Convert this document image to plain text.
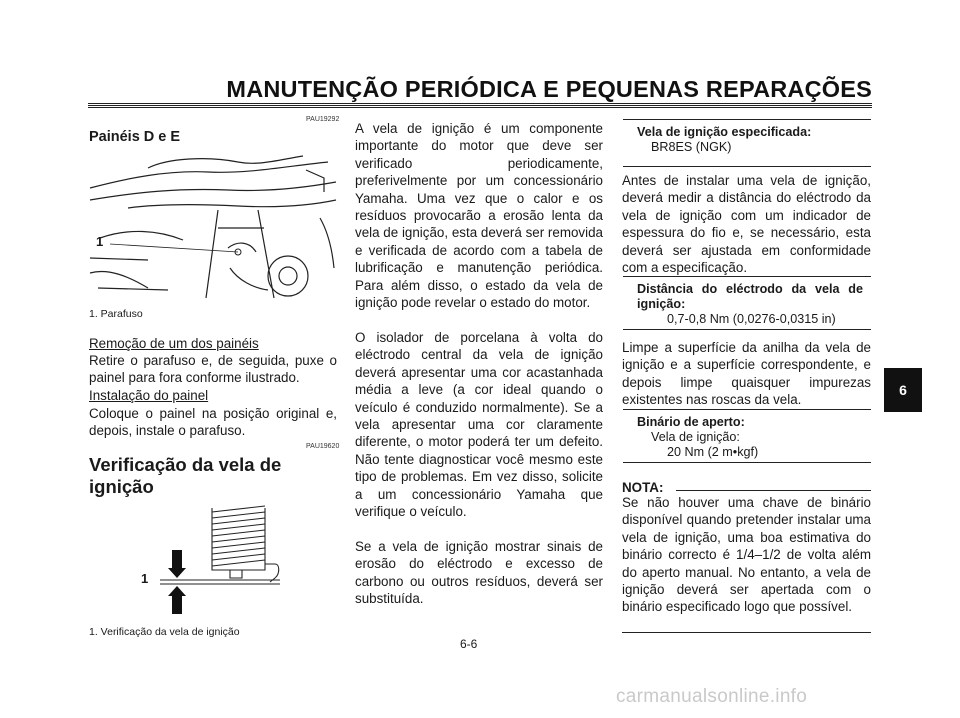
MANUTENÇÃO PERIÓDICA E PEQUENAS REPARAÇÕES
PAU19292
Painéis D e E
1
1. Parafuso
Remoção de um dos painéis
Retire o parafuso e, de seguida, puxe o painel para fora conforme ilustrado.
Instalação do painel
Coloque o painel na posição original e, depois, instale o parafuso.
PAU19620
Verificação da vela de
ignição
1
1. Verificação da vela de ignição
A vela de ignição é um componente importante do motor que deve ser verificado periodicamente, preferivelmente por um concessionário Yamaha. Uma vez que o calor e os resíduos provocarão a erosão lenta da vela de ignição, esta deverá ser removida e verificada de acordo com a tabela de lubrificação e manutenção periódica. Para além disso, o estado da vela de ignição pode revelar o estado do motor.
O isolador de porcelana à volta do eléctrodo central da vela de ignição deverá apresentar uma cor acastanhada média a leve (a cor ideal quando o veículo é conduzido normalmente). Se a vela apresentar uma cor claramente diferente, o motor poderá ter um defeito. Não tente diagnosticar você mesmo este tipo de problemas. Em vez disso, solicite a um concessionário Yamaha que verifique o veículo.
Se a vela de ignição mostrar sinais de erosão do eléctrodo e excesso de carbono ou outros resíduos, deverá ser substituída.
Vela de ignição especificada:
BR8ES (NGK)
Antes de instalar uma vela de ignição, deverá medir a distância do eléctrodo da vela de ignição com um indicador de espessura do fio e, se necessário, esta deverá ser ajustada em conformidade com a especificação.
Distância do eléctrodo da vela de ignição:
0,7-0,8 Nm (0,0276-0,0315 in)
Limpe a superfície da anilha da vela de ignição e a superfície correspondente, e depois limpe quaisquer impurezas existentes nas roscas da vela.
Binário de aperto:
Vela de ignição:
20 Nm (2 m•kgf)
NOTA:
Se não houver uma chave de binário disponível quando pretender instalar uma vela de ignição, uma boa estimativa do binário correcto é 1/4–1/2 de volta além do aperto manual. No entanto, a vela de ignição deverá ser apertada com o binário especificado logo que possível.
6
6-6
carmanualsonline.info
